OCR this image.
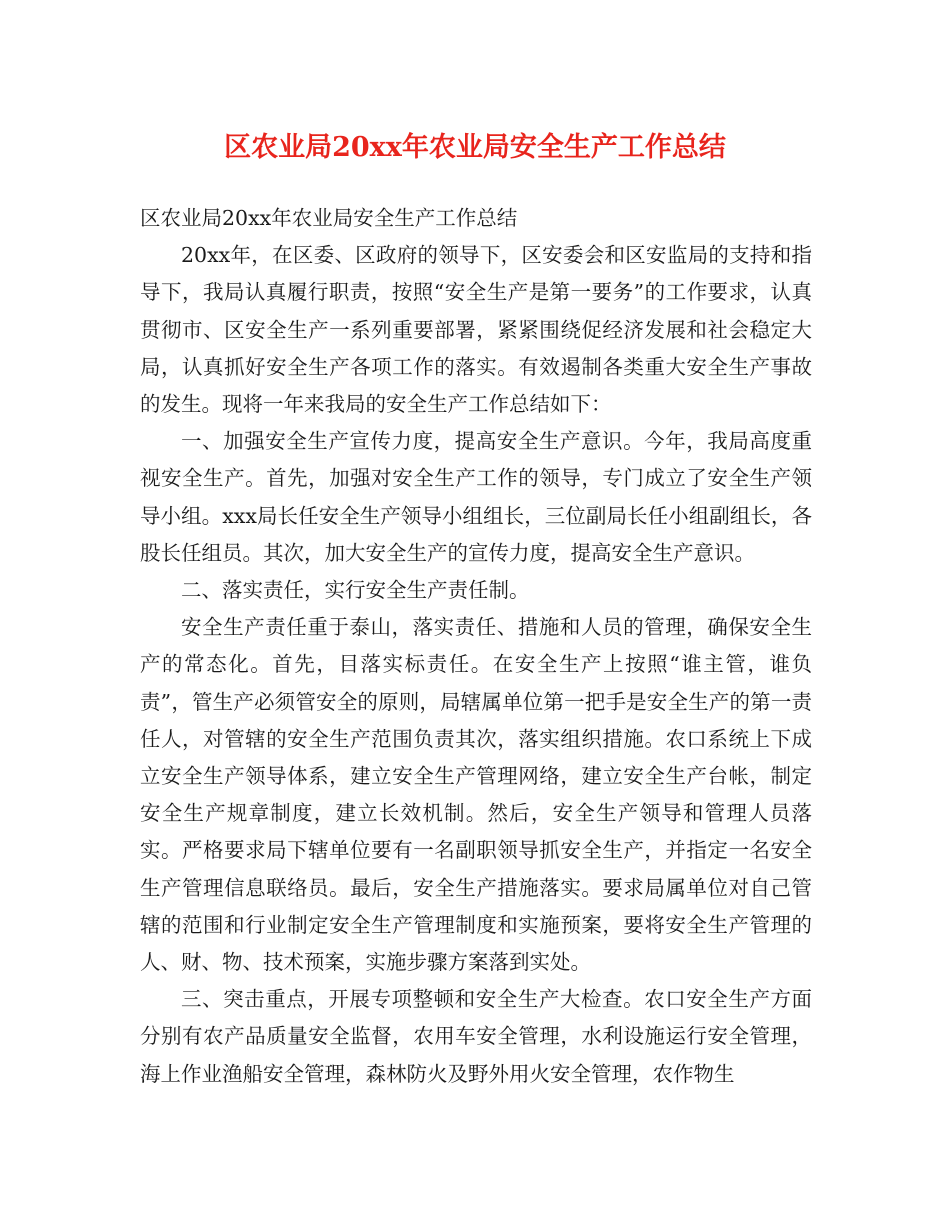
区农业局20xx年农业局安全生产工作总结

区农业局20xx年农业局安全生产工作总结

20xx年，在区委、区政府的领导下，区安委会和区安监局的支持和指导下，我局认真履行职责，按照“安全生产是第一要务”的工作要求，认真贯彻市、区安全生产一系列重要部署，紧紧围绕促经济发展和社会稳定大局，认真抓好安全生产各项工作的落实。有效遏制各类重大安全生产事故的发生。现将一年来我局的安全生产工作总结如下：

一、加强安全生产宣传力度，提高安全生产意识。今年，我局高度重视安全生产。首先，加强对安全生产工作的领导，专门成立了安全生产领导小组。xxx局长任安全生产领导小组组长，三位副局长任小组副组长，各股长任组员。其次，加大安全生产的宣传力度，提高安全生产意识。

二、落实责任，实行安全生产责任制。

安全生产责任重于泰山，落实责任、措施和人员的管理，确保安全生产的常态化。首先，目落实标责任。在安全生产上按照“谁主管，谁负责”，管生产必须管安全的原则，局辖属单位第一把手是安全生产的第一责任人，对管辖的安全生产范围负责其次，落实组织措施。农口系统上下成立安全生产领导体系，建立安全生产管理网络，建立安全生产台帐，制定安全生产规章制度，建立长效机制。然后，安全生产领导和管理人员落实。严格要求局下辖单位要有一名副职领导抓安全生产，并指定一名安全生产管理信息联络员。最后，安全生产措施落实。要求局属单位对自己管辖的范围和行业制定安全生产管理制度和实施预案，要将安全生产管理的人、财、物、技术预案，实施步骤方案落到实处。

三、突击重点，开展专项整顿和安全生产大检查。农口安全生产方面分别有农产品质量安全监督，农用车安全管理，水利设施运行安全管理，海上作业渔船安全管理，森林防火及野外用火安全管理，农作物生
